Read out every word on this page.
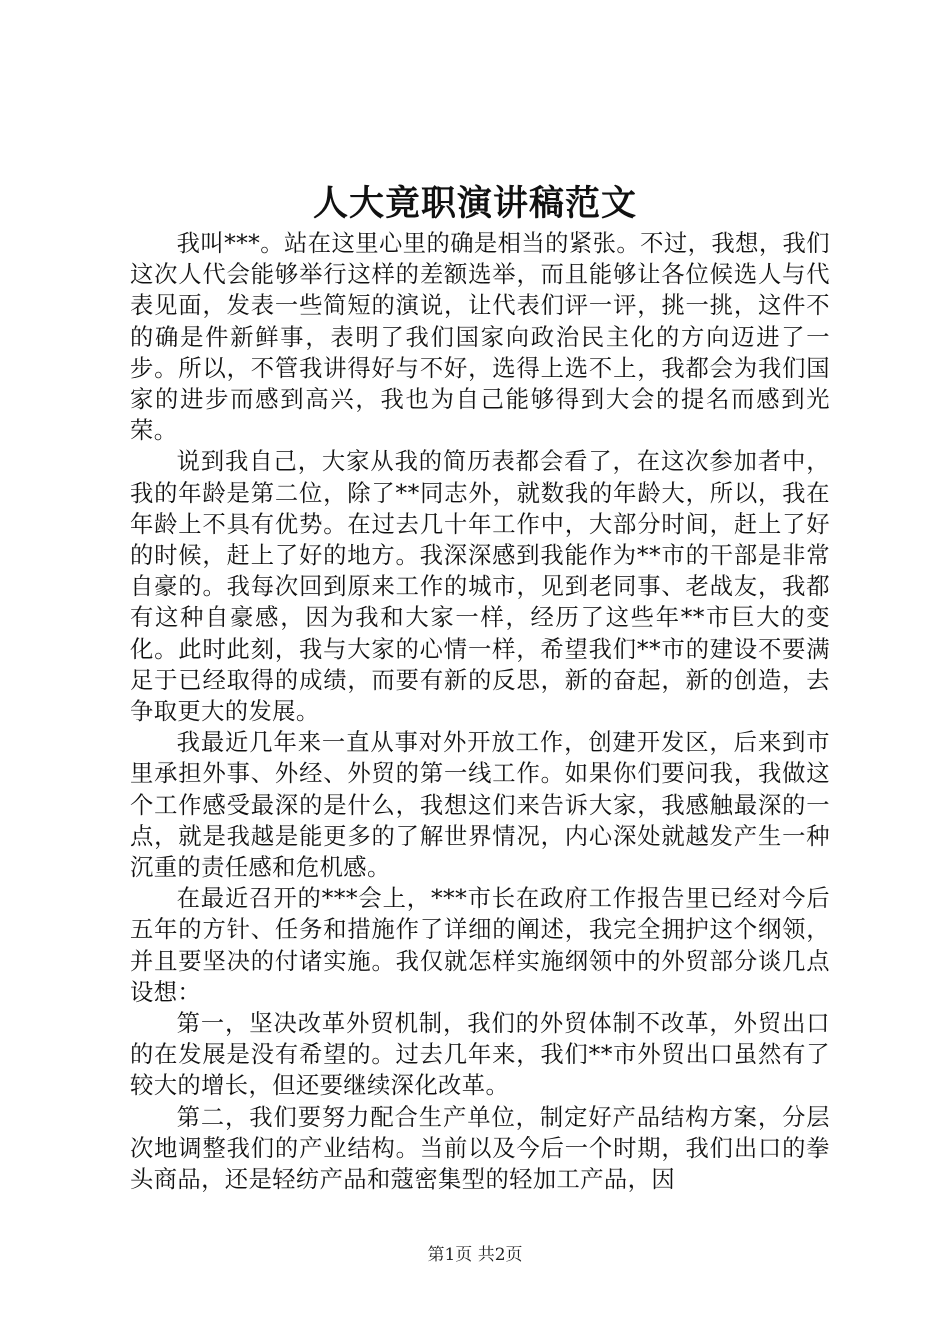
人大竟职演讲稿范文

我叫***。站在这里心里的确是相当的紧张。不过，我想，我们这次人代会能够举行这样的差额选举，而且能够让各位候选人与代表见面，发表一些简短的演说，让代表们评一评，挑一挑，这件不的确是件新鲜事，表明了我们国家向政治民主化的方向迈进了一步。所以，不管我讲得好与不好，选得上选不上，我都会为我们国家的进步而感到高兴，我也为自己能够得到大会的提名而感到光荣。

说到我自己，大家从我的简历表都会看了，在这次参加者中，我的年龄是第二位，除了**同志外，就数我的年龄大，所以，我在年龄上不具有优势。在过去几十年工作中，大部分时间，赶上了好的时候，赶上了好的地方。我深深感到我能作为**市的干部是非常自豪的。我每次回到原来工作的城市，见到老同事、老战友，我都有这种自豪感，因为我和大家一样，经历了这些年**市巨大的变化。此时此刻，我与大家的心情一样，希望我们**市的建设不要满足于已经取得的成绩，而要有新的反思，新的奋起，新的创造，去争取更大的发展。

我最近几年来一直从事对外开放工作，创建开发区，后来到市里承担外事、外经、外贸的第一线工作。如果你们要问我，我做这个工作感受最深的是什么，我想这们来告诉大家，我感触最深的一点，就是我越是能更多的了解世界情况，内心深处就越发产生一种沉重的责任感和危机感。

在最近召开的***会上，***市长在政府工作报告里已经对今后五年的方针、任务和措施作了详细的阐述，我完全拥护这个纲领，并且要坚决的付诸实施。我仅就怎样实施纲领中的外贸部分谈几点设想：

第一，坚决改革外贸机制，我们的外贸体制不改革，外贸出口的在发展是没有希望的。过去几年来，我们**市外贸出口虽然有了较大的增长，但还要继续深化改革。

第二，我们要努力配合生产单位，制定好产品结构方案，分层次地调整我们的产业结构。当前以及今后一个时期，我们出口的拳头商品，还是轻纺产品和蔻密集型的轻加工产品，因

第1页 共2页
